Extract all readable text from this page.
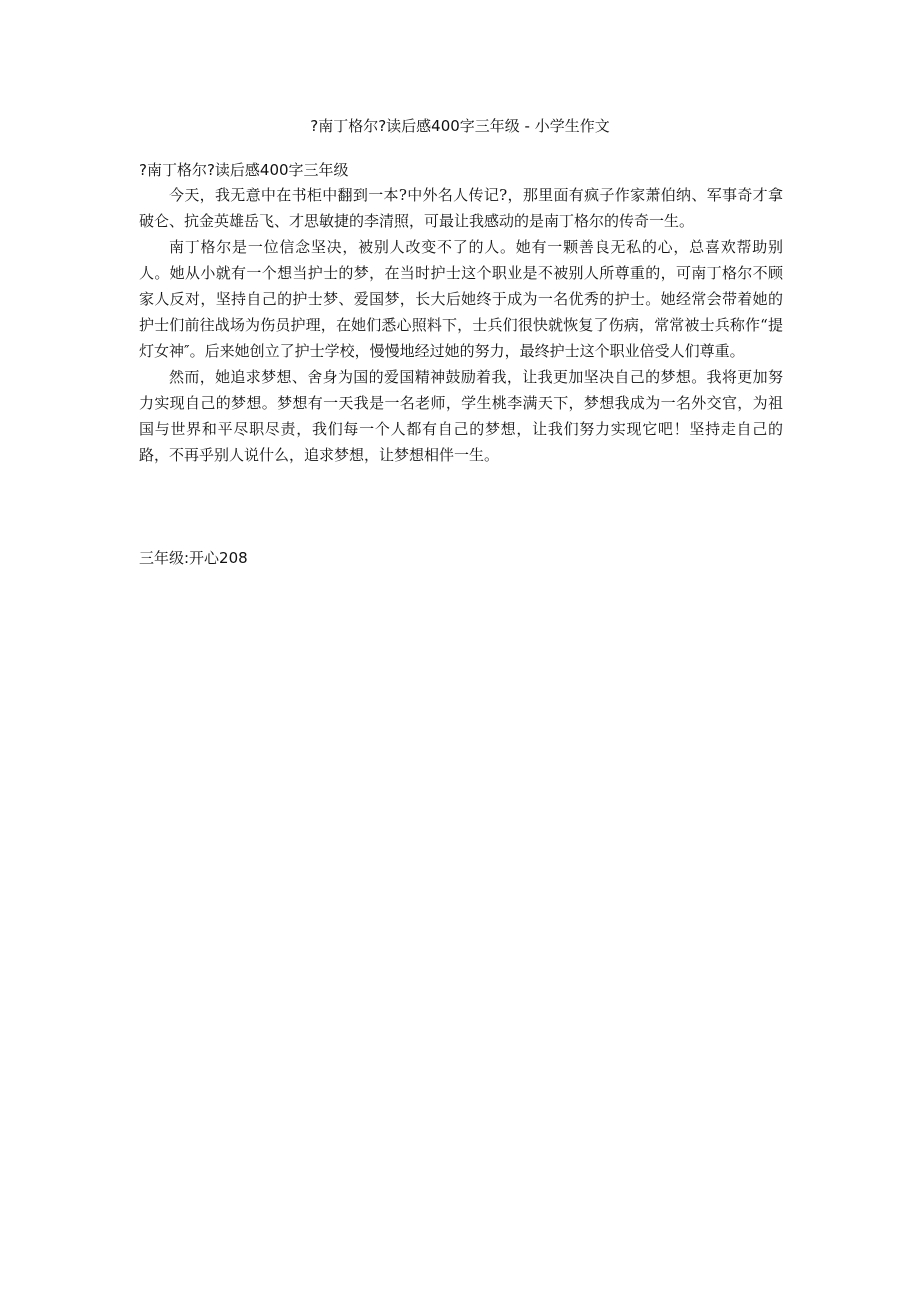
?南丁格尔?读后感400字三年级 - 小学生作文

?南丁格尔?读后感400字三年级

今天，我无意中在书柜中翻到一本?中外名人传记?，那里面有疯子作家萧伯纳、军事奇才拿破仑、抗金英雄岳飞、才思敏捷的李清照，可最让我感动的是南丁格尔的传奇一生。

南丁格尔是一位信念坚决，被别人改变不了的人。她有一颗善良无私的心，总喜欢帮助别人。她从小就有一个想当护士的梦，在当时护士这个职业是不被别人所尊重的，可南丁格尔不顾家人反对，坚持自己的护士梦、爱国梦，长大后她终于成为一名优秀的护士。她经常会带着她的护士们前往战场为伤员护理，在她们悉心照料下，士兵们很快就恢复了伤病，常常被士兵称作“提灯女神″。后来她创立了护士学校，慢慢地经过她的努力，最终护士这个职业倍受人们尊重。

然而，她追求梦想、舍身为国的爱国精神鼓励着我，让我更加坚决自己的梦想。我将更加努力实现自己的梦想。梦想有一天我是一名老师，学生桃李满天下，梦想我成为一名外交官，为祖国与世界和平尽职尽责，我们每一个人都有自己的梦想，让我们努力实现它吧！坚持走自己的路，不再乎别人说什么，追求梦想，让梦想相伴一生。

三年级:开心208
